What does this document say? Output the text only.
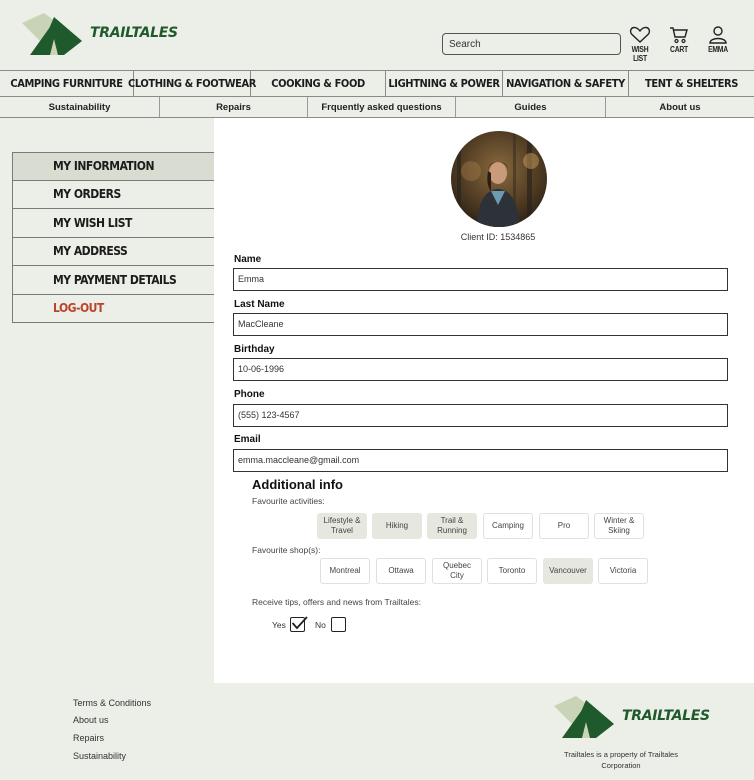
TRAILTALES
Search
WISH LIST
CART	EMMA
CAMPING FURNITURE CLOTHING & FOOTWEAR	COOKING & FOOD	LIGHTNING & POWER NAVIGATION & SAFETY	TENT & SHELTERS
Sustainability	Repairs	Frquently asked questions	Guides	About us
MY INFORMATION
MY ORDERS
MY WISH LIST
MY ADDRESS
MY PAYMENT DETAILS
LOG-OUT
Client ID: 1534865
Name
Emma
Last Name
MacCleane
Birthday
10-06-1996
Phone
(555) 123-4567
Email
emma.maccleane@gmail.com
Additional info
Favourite activities:
Lifestyle &
Travel
Hiking
Trail &
Running
Camping	Pro
Winter &
Skiing
Favourite shop(s):
Montreal	Ottawa
Quebec
City
Toronto	Vancouver	Victoria
Receive tips, offers and news from Trailtales:
Yes	No
Terms & Conditions
About us
Repairs
Sustainability
TRAILTALES
Trailtales is a property of Trailtales Corporation
